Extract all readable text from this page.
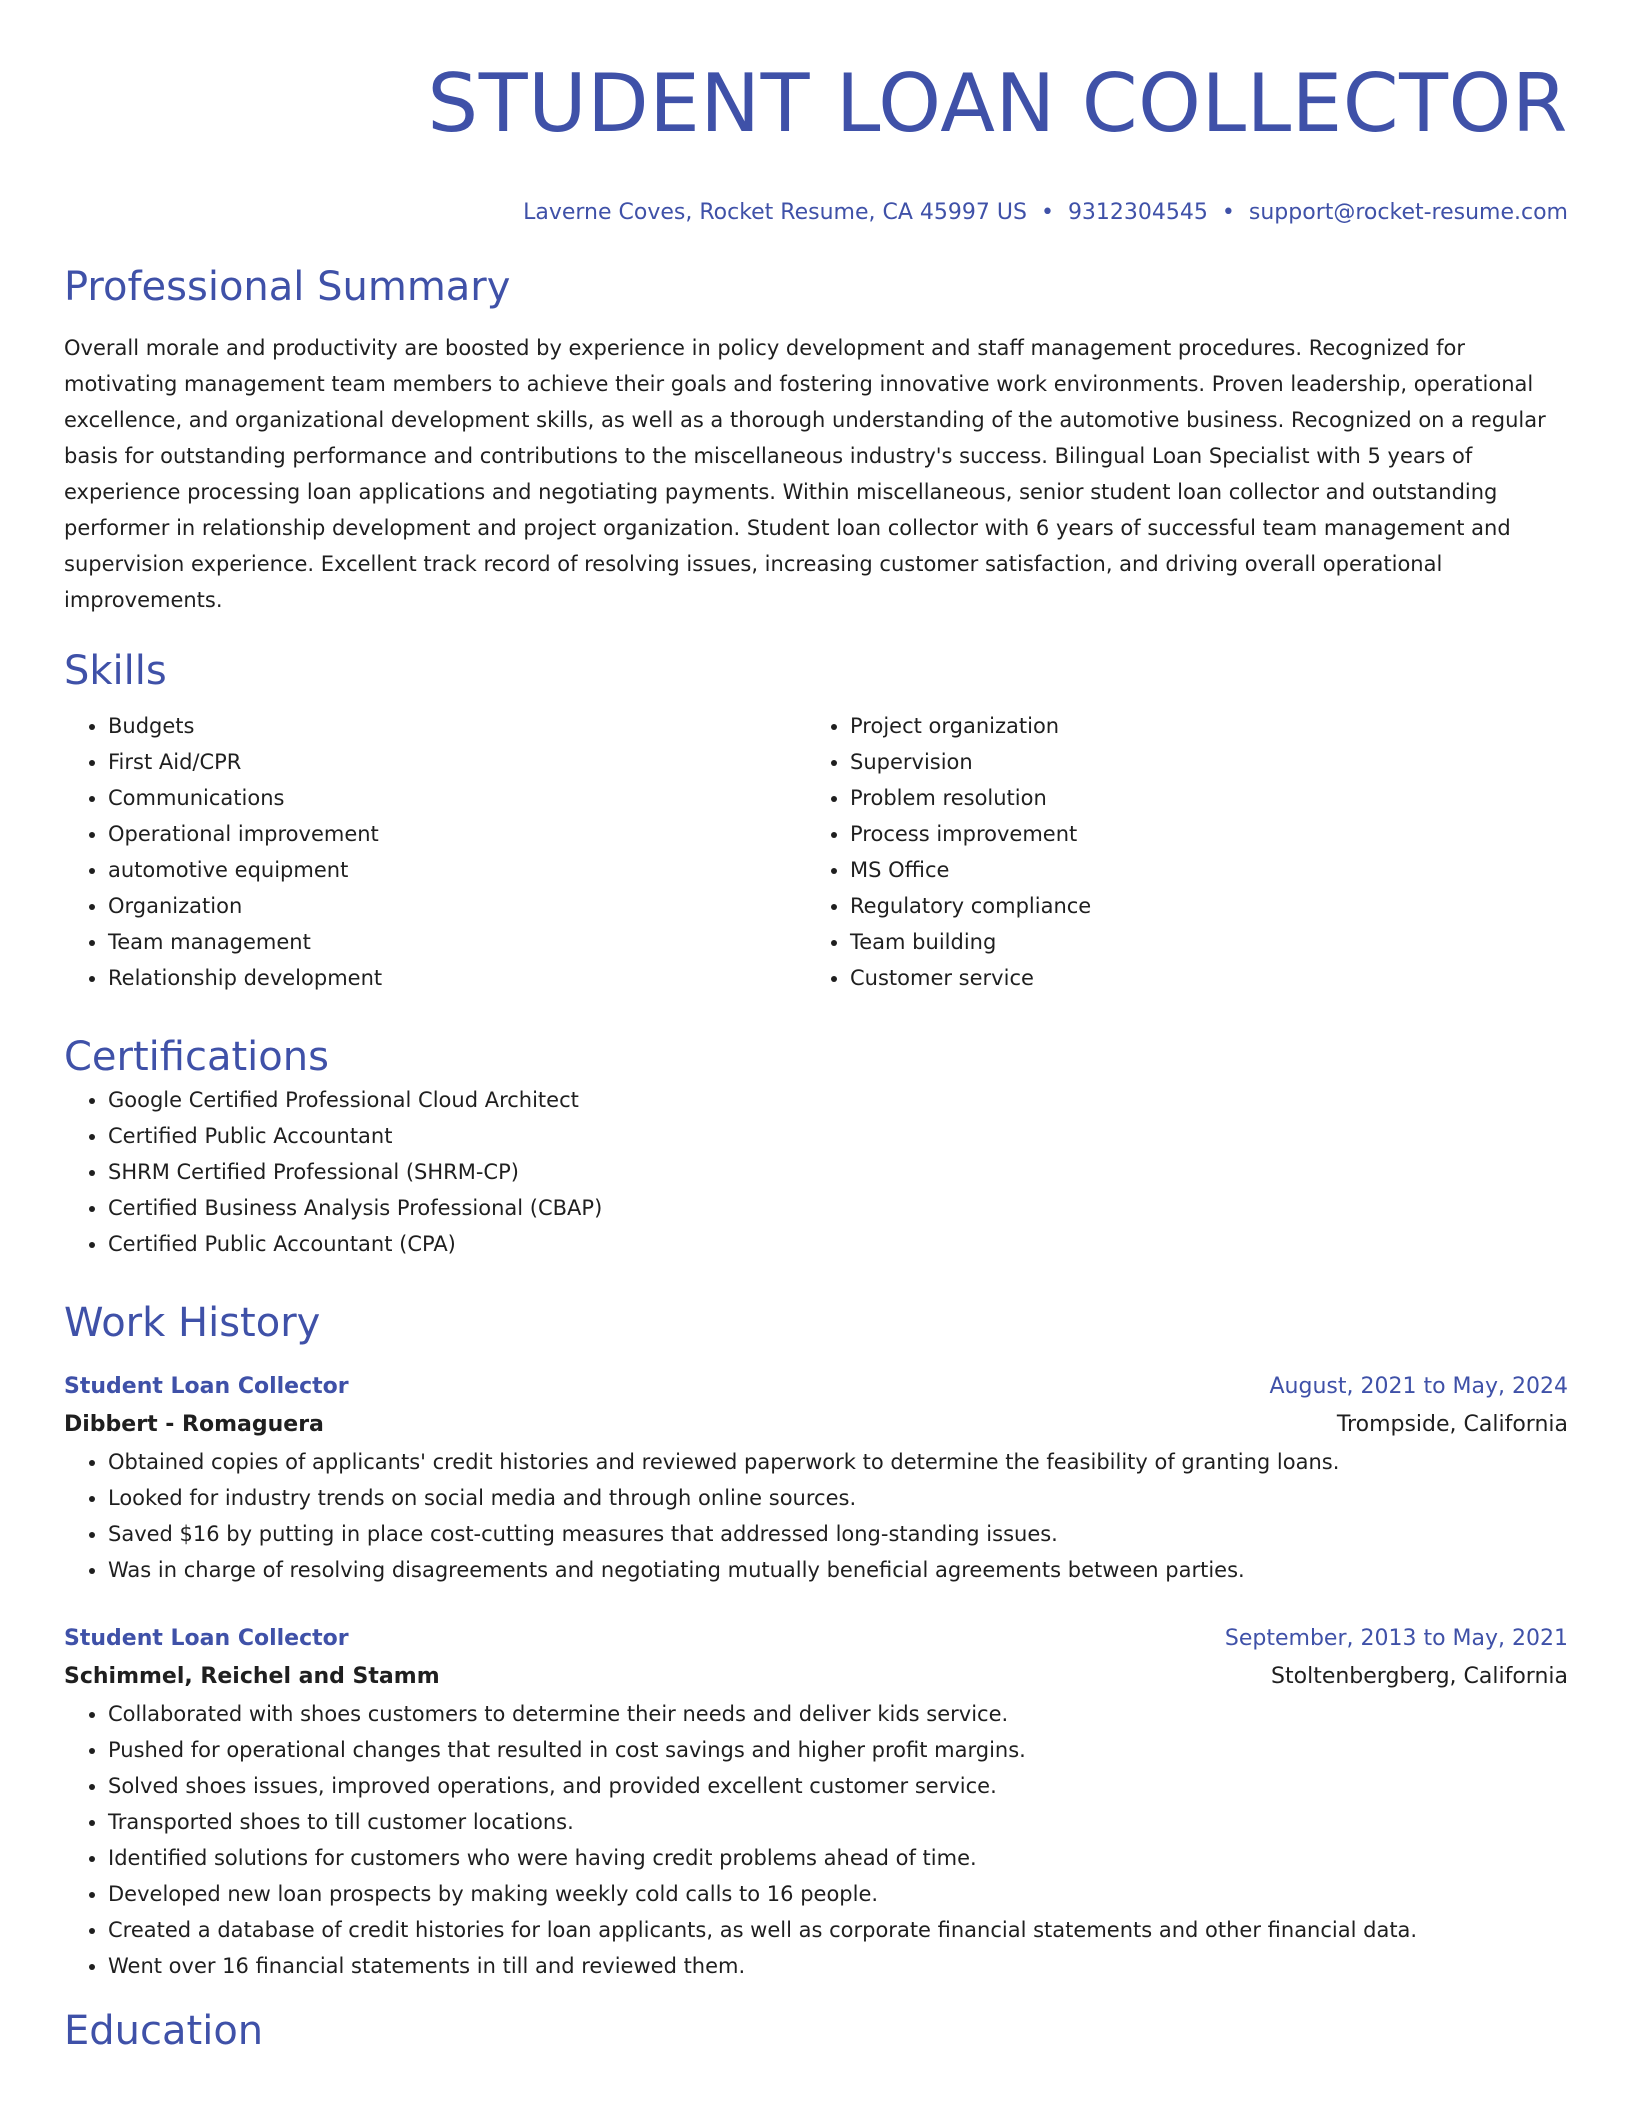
STUDENT LOAN COLLECTOR
Laverne Coves, Rocket Resume, CA 45997 US • 9312304545 • support@rocket-resume.com
Professional Summary
Overall morale and productivity are boosted by experience in policy development and staff management procedures. Recognized for motivating management team members to achieve their goals and fostering innovative work environments. Proven leadership, operational excellence, and organizational development skills, as well as a thorough understanding of the automotive business. Recognized on a regular basis for outstanding performance and contributions to the miscellaneous industry's success. Bilingual Loan Specialist with 5 years of experience processing loan applications and negotiating payments. Within miscellaneous, senior student loan collector and outstanding performer in relationship development and project organization. Student loan collector with 6 years of successful team management and supervision experience. Excellent track record of resolving issues, increasing customer satisfaction, and driving overall operational improvements.
Skills
• Budgets
• First Aid/CPR
• Communications
• Operational improvement
• automotive equipment
• Organization
• Team management
• Relationship development
• Project organization
• Supervision
• Problem resolution
• Process improvement
• MS Office
• Regulatory compliance
• Team building
• Customer service
Certifications
• Google Certified Professional Cloud Architect
• Certified Public Accountant
• SHRM Certified Professional (SHRM-CP)
• Certified Business Analysis Professional (CBAP)
• Certified Public Accountant (CPA)
Work History
Student Loan Collector	August, 2021 to May, 2024
Dibbert - Romaguera	Trompside, California
• Obtained copies of applicants' credit histories and reviewed paperwork to determine the feasibility of granting loans.
• Looked for industry trends on social media and through online sources.
• Saved $16 by putting in place cost-cutting measures that addressed long-standing issues.
• Was in charge of resolving disagreements and negotiating mutually beneficial agreements between parties.
Student Loan Collector	September, 2013 to May, 2021
Schimmel, Reichel and Stamm	Stoltenbergberg, California
• Collaborated with shoes customers to determine their needs and deliver kids service.
• Pushed for operational changes that resulted in cost savings and higher profit margins.
• Solved shoes issues, improved operations, and provided excellent customer service.
• Transported shoes to till customer locations.
• Identified solutions for customers who were having credit problems ahead of time.
• Developed new loan prospects by making weekly cold calls to 16 people.
• Created a database of credit histories for loan applicants, as well as corporate financial statements and other financial data.
• Went over 16 financial statements in till and reviewed them.
Education
